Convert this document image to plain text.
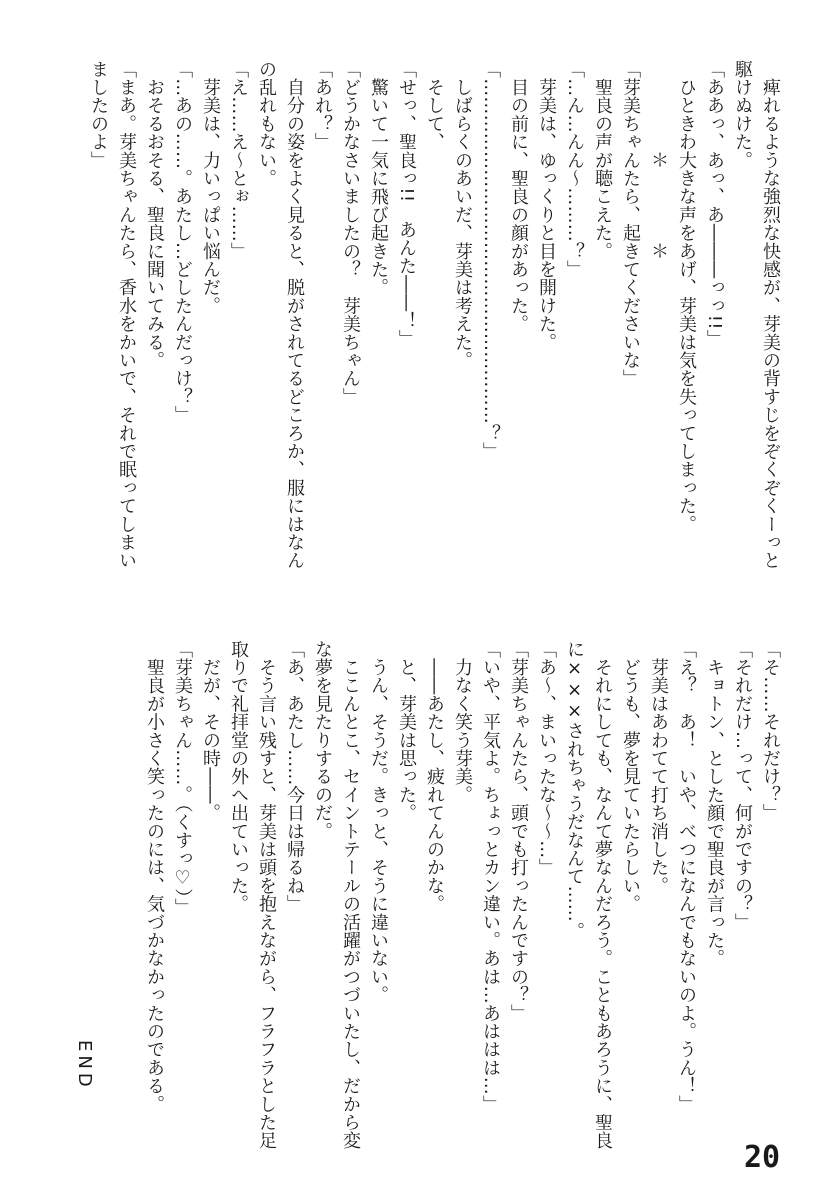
　痺れるような強烈な快感が、芽美の背すじをぞくぞくーっと
駆けぬけた。
「ああっ、あっ、あ―――っっ!!」
　ひときわ大きな声をあげ、芽美は気を失ってしまった。
　　　　　＊　　　　＊
「芽美ちゃんたら、起きてくださいな」
　聖良の声が聴こえた。
「…ん…んん〜………？」
　芽美は、ゆっくりと目を開けた。
　目の前に、聖良の顔があった。
「…………………………………………………？」
　しばらくのあいだ、芽美は考えた。
　そして、
「せっ、聖良っ!!　あんた――！」
　驚いて一気に飛び起きた。
「どうかなさいましたの？　芽美ちゃん」
「あれ？」
　自分の姿をよく見ると、脱がされてるどころか、服にはなん
の乱れもない。
「え……え〜とぉ……」
　芽美は、力いっぱい悩んだ。
「…あの……。あたし…どしたんだっけ？」
　おそるおそる、聖良に聞いてみる。
「まあ。芽美ちゃんたら、香水をかいで、それで眠ってしまい
ましたのよ」
「そ……それだけ？」
「それだけ…って、何がですの？」
　キョトン、とした顔で聖良が言った。
「え？　あ！　いや、べつになんでもないのよ。うん！」
　芽美はあわてて打ち消した。
　どうも、夢を見ていたらしい。
　それにしても、なんて夢なんだろう。こともあろうに、聖良
に×××されちゃうだなんて……。
「あ〜、まいったな〜〜…」
「芽美ちゃんたら、頭でも打ったんですの？」
「いや、平気よ。ちょっとカン違い。あは…あははは…」
　力なく笑う芽美。
　――あたし、疲れてんのかな。
　と、芽美は思った。
　うん、そうだ。きっと、そうに違いない。
　ここんとこ、セイントテールの活躍がつづいたし、だから変
な夢を見たりするのだ。
「あ、あたし……今日は帰るね」
　そう言い残すと、芽美は頭を抱えながら、フラフラとした足
取りで礼拝堂の外へ出ていった。
　だが、その時――。
「芽美ちゃん……。（くすっ♡）」
　聖良が小さく笑ったのには、気づかなかったのである。
END
20
